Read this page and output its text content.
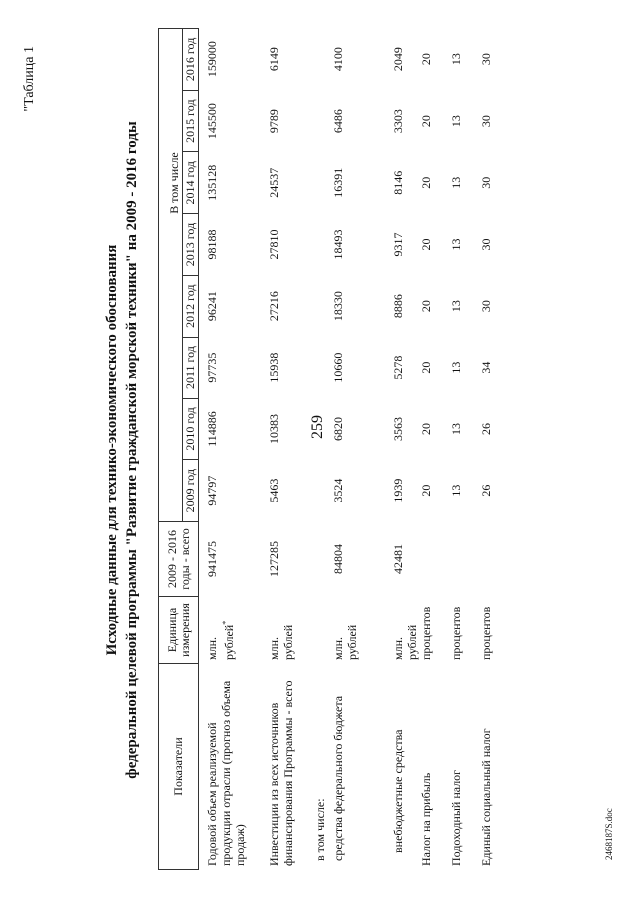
259
"Таблица 1
Исходные данные для технико-экономического обоснования федеральной целевой программы "Развитие гражданской морской техники" на 2009 - 2016 годы	Показатели	Единица измерения	2009 - 2016 годы - всего								
						В том числе				
			2009 год	2010 год	2011 год	2012 год	2013 год	2014 год	2015 год	2016 год
Годовой объем реализуемой продукции отрасли (прогноз объема продаж)	млн. рублей*	941475	94797	114886	97735	96241	98188	135128	145500	159000
Инвестиции из всех источников финансирования Программы - всего	млн. рублей	127285	5463	10383	15938	27216	27810	24537	9789	6149
в том числе:										
средства федерального бюджета	млн. рублей	84804	3524	6820	10660	18330	18493	16391	6486	4100
внебюджетные средства	млн. рублей	42481	1939	3563	5278	8886	9317	8146	3303	2049
Налог на прибыль	процентов		20	20	20	20	20	20	20	20
Подоходный налог	процентов		13	13	13	13	13	13	13	13
Единый социальный налог	процентов		26	26	34	30	30	30	30	30
2468187S.doc
